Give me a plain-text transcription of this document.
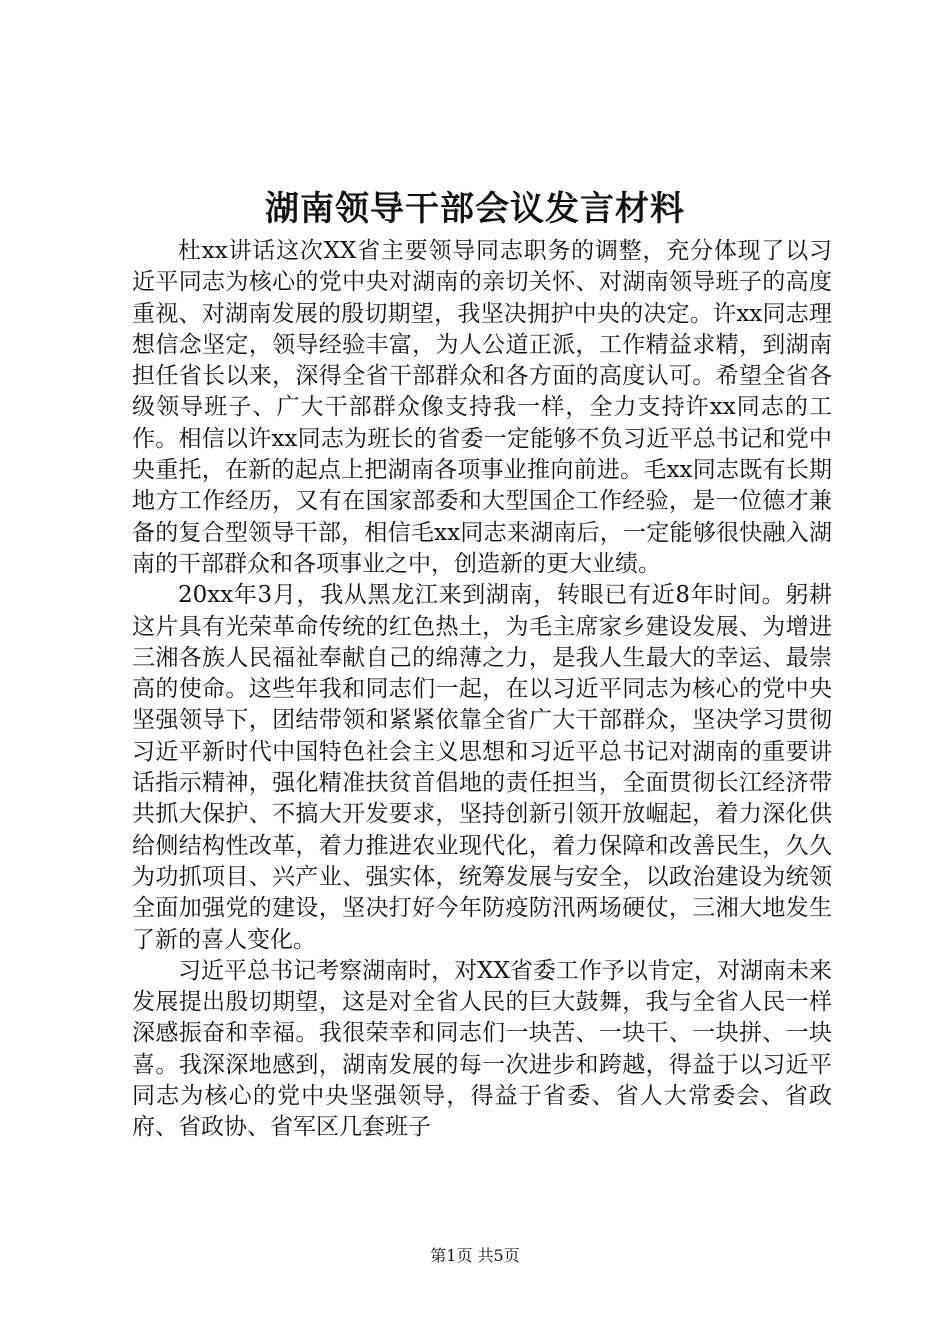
湖南领导干部会议发言材料

杜xx讲话这次XX省主要领导同志职务的调整，充分体现了以习近平同志为核心的党中央对湖南的亲切关怀、对湖南领导班子的高度重视、对湖南发展的殷切期望，我坚决拥护中央的决定。许xx同志理想信念坚定，领导经验丰富，为人公道正派，工作精益求精，到湖南担任省长以来，深得全省干部群众和各方面的高度认可。希望全省各级领导班子、广大干部群众像支持我一样，全力支持许xx同志的工作。相信以许xx同志为班长的省委一定能够不负习近平总书记和党中央重托，在新的起点上把湖南各项事业推向前进。毛xx同志既有长期地方工作经历，又有在国家部委和大型国企工作经验，是一位德才兼备的复合型领导干部，相信毛xx同志来湖南后，一定能够很快融入湖南的干部群众和各项事业之中，创造新的更大业绩。

20xx年3月，我从黑龙江来到湖南，转眼已有近8年时间。躬耕这片具有光荣革命传统的红色热土，为毛主席家乡建设发展、为增进三湘各族人民福祉奉献自己的绵薄之力，是我人生最大的幸运、最崇高的使命。这些年我和同志们一起，在以习近平同志为核心的党中央坚强领导下，团结带领和紧紧依靠全省广大干部群众，坚决学习贯彻习近平新时代中国特色社会主义思想和习近平总书记对湖南的重要讲话指示精神，强化精准扶贫首倡地的责任担当，全面贯彻长江经济带共抓大保护、不搞大开发要求，坚持创新引领开放崛起，着力深化供给侧结构性改革，着力推进农业现代化，着力保障和改善民生，久久为功抓项目、兴产业、强实体，统筹发展与安全，以政治建设为统领全面加强党的建设，坚决打好今年防疫防汛两场硬仗，三湘大地发生了新的喜人变化。

习近平总书记考察湖南时，对XX省委工作予以肯定，对湖南未来发展提出殷切期望，这是对全省人民的巨大鼓舞，我与全省人民一样深感振奋和幸福。我很荣幸和同志们一块苦、一块干、一块拼、一块喜。我深深地感到，湖南发展的每一次进步和跨越，得益于以习近平同志为核心的党中央坚强领导，得益于省委、省人大常委会、省政府、省政协、省军区几套班子

第1页 共5页
